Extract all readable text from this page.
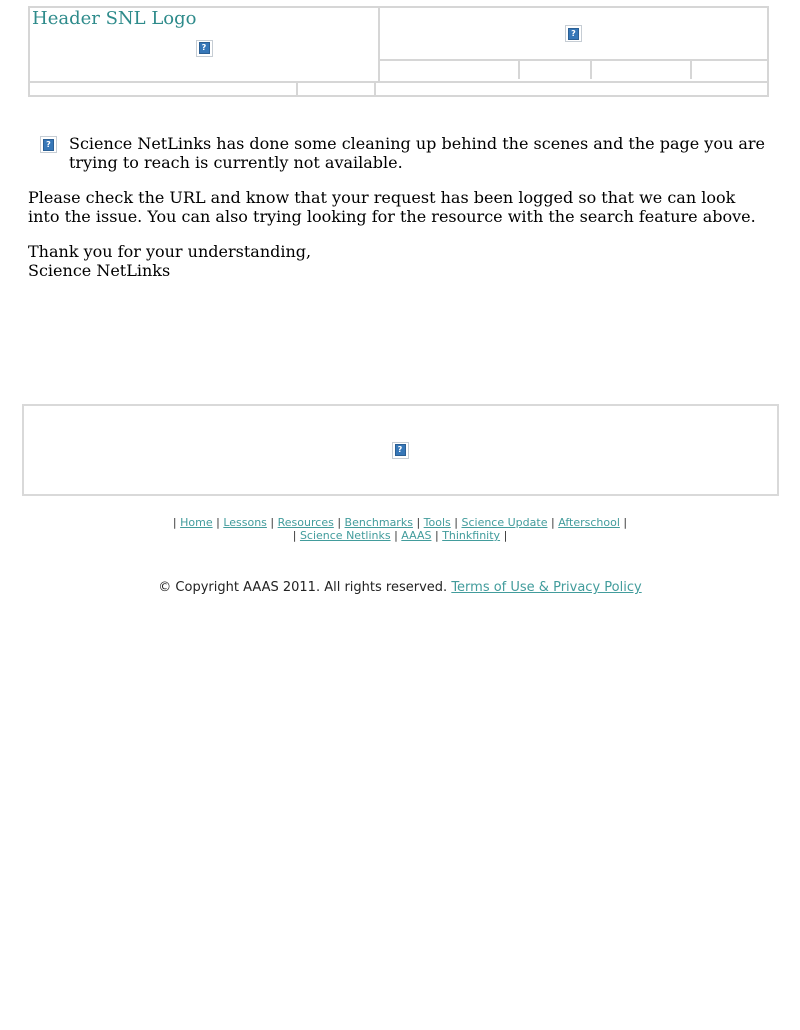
Header SNL Logo
?
?
? Science NetLinks has done some cleaning up behind the scenes and the page you are
trying to reach is currently not available.
Please check the URL and know that your request has been logged so that we can look
into the issue. You can also trying looking for the resource with the search feature above.
Thank you for your understanding,
Science NetLinks
?
| Home | Lessons | Resources | Benchmarks | Tools | Science Update | Afterschool |
| Science Netlinks | AAAS | Thinkfinity |
© Copyright AAAS 2011. All rights reserved. Terms of Use & Privacy Policy
